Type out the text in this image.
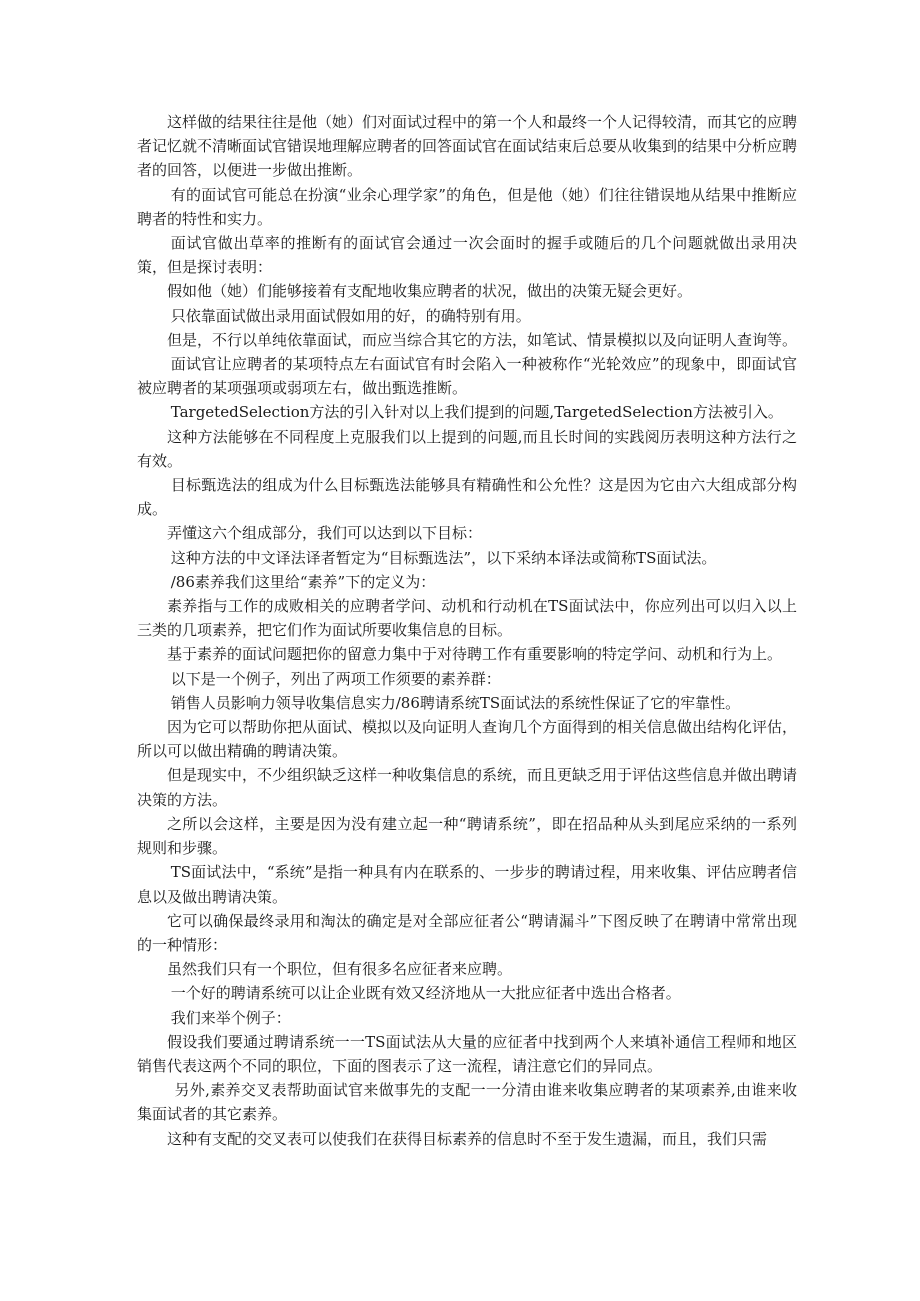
这样做的结果往往是他（她）们对面试过程中的第一个人和最终一个人记得较清，而其它的应聘者记忆就不清晰面试官错误地理解应聘者的回答面试官在面试结束后总要从收集到的结果中分析应聘者的回答，以便进一步做出推断。

有的面试官可能总在扮演“业余心理学家”的角色，但是他（她）们往往错误地从结果中推断应聘者的特性和实力。

面试官做出草率的推断有的面试官会通过一次会面时的握手或随后的几个问题就做出录用决策，但是探讨表明：

假如他（她）们能够接着有支配地收集应聘者的状况，做出的决策无疑会更好。

只依靠面试做出录用面试假如用的好，的确特别有用。

但是，不行以单纯依靠面试，而应当综合其它的方法，如笔试、情景模拟以及向证明人查询等。

面试官让应聘者的某项特点左右面试官有时会陷入一种被称作“光轮效应”的现象中，即面试官被应聘者的某项强项或弱项左右，做出甄选推断。

TargetedSelection方法的引入针对以上我们提到的问题,TargetedSelection方法被引入。

这种方法能够在不同程度上克服我们以上提到的问题,而且长时间的实践阅历表明这种方法行之有效。

目标甄选法的组成为什么目标甄选法能够具有精确性和公允性？这是因为它由六大组成部分构成。

弄懂这六个组成部分，我们可以达到以下目标：

这种方法的中文译法译者暂定为“目标甄选法”，以下采纳本译法或简称TS面试法。

/86素养我们这里给“素养”下的定义为：

素养指与工作的成败相关的应聘者学问、动机和行动机在TS面试法中，你应列出可以归入以上三类的几项素养，把它们作为面试所要收集信息的目标。

基于素养的面试问题把你的留意力集中于对待聘工作有重要影响的特定学问、动机和行为上。

以下是一个例子，列出了两项工作须要的素养群：

销售人员影响力领导收集信息实力/86聘请系统TS面试法的系统性保证了它的牢靠性。

因为它可以帮助你把从面试、模拟以及向证明人查询几个方面得到的相关信息做出结构化评估，所以可以做出精确的聘请决策。

但是现实中，不少组织缺乏这样一种收集信息的系统，而且更缺乏用于评估这些信息并做出聘请决策的方法。

之所以会这样，主要是因为没有建立起一种“聘请系统”，即在招品种从头到尾应采纳的一系列规则和步骤。

TS面试法中，“系统”是指一种具有内在联系的、一步步的聘请过程，用来收集、评估应聘者信息以及做出聘请决策。

它可以确保最终录用和淘汰的确定是对全部应征者公“聘请漏斗”下图反映了在聘请中常常出现的一种情形：

虽然我们只有一个职位，但有很多名应征者来应聘。

一个好的聘请系统可以让企业既有效又经济地从一大批应征者中选出合格者。

我们来举个例子：

假设我们要通过聘请系统一一TS面试法从大量的应征者中找到两个人来填补通信工程师和地区销售代表这两个不同的职位，下面的图表示了这一流程，请注意它们的异同点。

另外,素养交叉表帮助面试官来做事先的支配一一分清由谁来收集应聘者的某项素养,由谁来收集面试者的其它素养。

这种有支配的交叉表可以使我们在获得目标素养的信息时不至于发生遗漏，而且，我们只需
